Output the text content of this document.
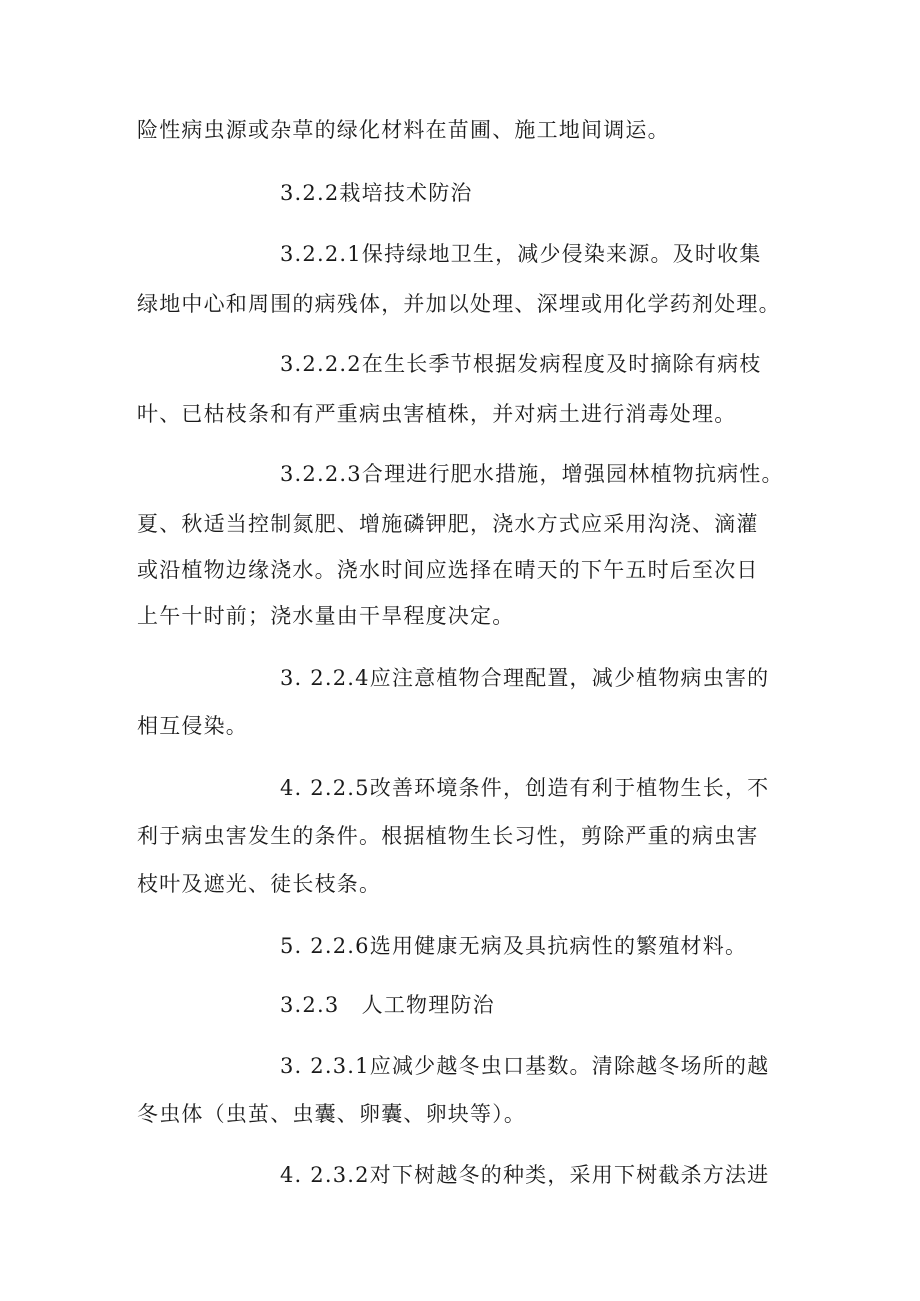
险性病虫源或杂草的绿化材料在苗圃、施工地间调运。
3.2.2栽培技术防治
3.2.2.1保持绿地卫生，减少侵染来源。及时收集
绿地中心和周围的病残体，并加以处理、深埋或用化学药剂处理。
3.2.2.2在生长季节根据发病程度及时摘除有病枝
叶、已枯枝条和有严重病虫害植株，并对病土进行消毒处理。
3.2.2.3合理进行肥水措施，增强园林植物抗病性。
夏、秋适当控制氮肥、增施磷钾肥，浇水方式应采用沟浇、滴灌
或沿植物边缘浇水。浇水时间应选择在晴天的下午五时后至次日
上午十时前；浇水量由干旱程度决定。
3. 2.2.4应注意植物合理配置，减少植物病虫害的
相互侵染。
4. 2.2.5改善环境条件，创造有利于植物生长，不
利于病虫害发生的条件。根据植物生长习性，剪除严重的病虫害
枝叶及遮光、徒长枝条。
5. 2.2.6选用健康无病及具抗病性的繁殖材料。
3.2.3　人工物理防治
3. 2.3.1应减少越冬虫口基数。清除越冬场所的越
冬虫体（虫茧、虫囊、卵囊、卵块等）。
4. 2.3.2对下树越冬的种类，采用下树截杀方法进
